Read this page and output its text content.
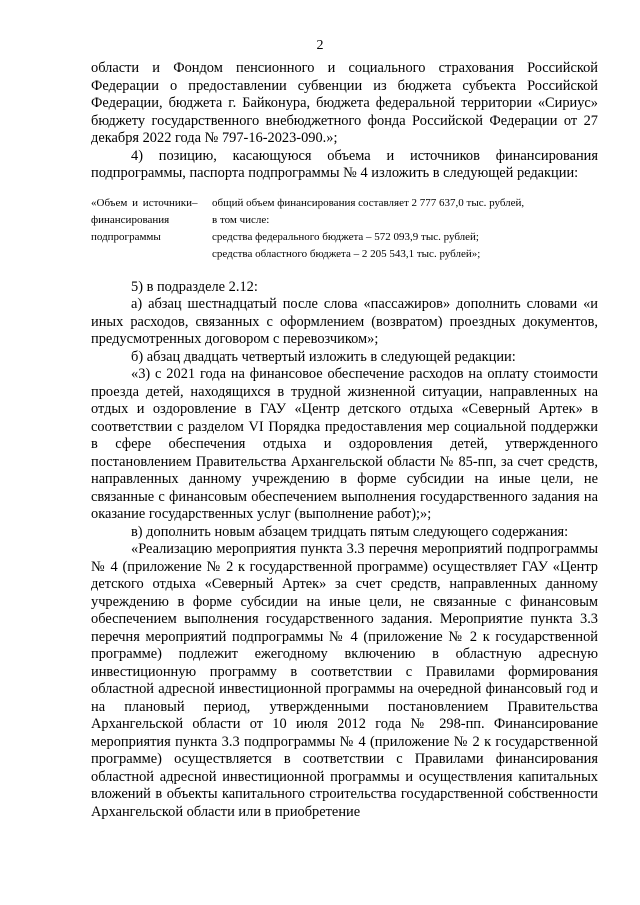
2

области и Фондом пенсионного и социального страхования Российской Федерации о предоставлении субвенции из бюджета субъекта Российской Федерации, бюджета г. Байконура, бюджета федеральной территории «Сириус» бюджету государственного внебюджетного фонда Российской Федерации от 27 декабря 2022 года № 797-16-2023-090.»;

4) позицию, касающуюся объема и источников финансирования подпрограммы, паспорта подпрограммы № 4 изложить в следующей редакции:

«Объем и источники финансирования подпрограммы
–	общий объем финансирования составляет 2 777 637,0 тыс. рублей,
в том числе:
средства федерального бюджета – 572 093,9 тыс. рублей;
средства областного бюджета – 2 205 543,1 тыс. рублей»;

5) в подразделе 2.12:

а) абзац шестнадцатый после слова «пассажиров» дополнить словами «и иных расходов, связанных с оформлением (возвратом) проездных документов, предусмотренных договором с перевозчиком»;

б) абзац двадцать четвертый изложить в следующей редакции:

«3) с 2021 года на финансовое обеспечение расходов на оплату стоимости проезда детей, находящихся в трудной жизненной ситуации, направленных на отдых и оздоровление в ГАУ «Центр детского отдыха «Северный Артек» в соответствии с разделом VI Порядка предоставления мер социальной поддержки в сфере обеспечения отдыха и оздоровления детей, утвержденного постановлением Правительства Архангельской области № 85-пп, за счет средств, направленных данному учреждению в форме субсидии на иные цели, не связанные с финансовым обеспечением выполнения государственного задания на оказание государственных услуг (выполнение работ);»;

в) дополнить новым абзацем тридцать пятым следующего содержания:

«Реализацию мероприятия пункта 3.3 перечня мероприятий подпрограммы № 4 (приложение № 2 к государственной программе) осуществляет ГАУ «Центр детского отдыха «Северный Артек» за счет средств, направленных данному учреждению в форме субсидии на иные цели, не связанные с финансовым обеспечением выполнения государственного задания. Мероприятие пункта 3.3 перечня мероприятий подпрограммы № 4 (приложение № 2 к государственной программе) подлежит ежегодному включению в областную адресную инвестиционную программу в соответствии с Правилами формирования областной адресной инвестиционной программы на очередной финансовый год и на плановый период, утвержденными постановлением Правительства Архангельской области от 10 июля 2012 года № 298-пп. Финансирование мероприятия пункта 3.3 подпрограммы № 4 (приложение № 2 к государственной программе) осуществляется в соответствии с Правилами финансирования областной адресной инвестиционной программы и осуществления капитальных вложений в объекты капитального строительства государственной собственности Архангельской области или в приобретение
